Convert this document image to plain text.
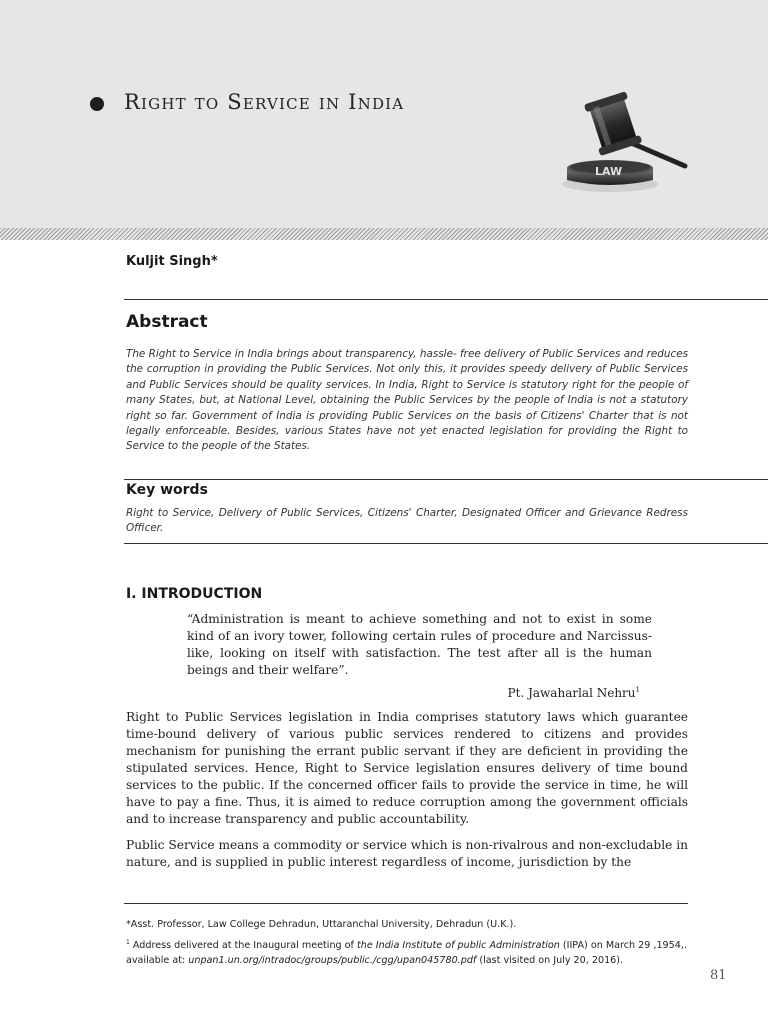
Right to Service in India
LAW
Kuljit Singh*
Abstract

The Right to Service in India brings about transparency, hassle- free delivery of Public Services and reduces the corruption in providing the Public Services. Not only this, it provides speedy delivery of Public Services and Public Services should be quality services. In India, Right to Service is statutory right for the people of many States, but, at National Level, obtaining the Public Services by the people of India is not a statutory right so far. Government of India is providing Public Services on the basis of Citizens' Charter that is not legally enforceable. Besides, various States have not yet enacted legislation for providing the Right to Service to the people of the States.

Key words

Right to Service, Delivery of Public Services, Citizens' Charter, Designated Officer and Grievance Redress Officer.

I. INTRODUCTION

“Administration is meant to achieve something and not to exist in some kind of an ivory tower, following certain rules of procedure and Narcissus-like, looking on itself with satisfaction. The test after all is the human beings and their welfare”.

Pt. Jawaharlal Nehru$^1$

Right to Public Services legislation in India comprises statutory laws which guarantee time-bound delivery of various public services rendered to citizens and provides mechanism for punishing the errant public servant if they are deficient in providing the stipulated services. Hence, Right to Service legislation ensures delivery of time bound services to the public. If the concerned officer fails to provide the service in time, he will have to pay a fine. Thus, it is aimed to reduce corruption among the government officials and to increase transparency and public accountability.

Public Service means a commodity or service which is non-rivalrous and non-excludable in nature, and is supplied in public interest regardless of income, jurisdiction by the

*Asst. Professor, Law College Dehradun, Uttaranchal University, Dehradun (U.K.).

$^1$ Address delivered at the Inaugural meeting of the India Institute of public Administration (IIPA) on March 29 ,1954,. available at: unpan1.un.org/intradoc/groups/public./cgg/upan045780.pdf (last visited on July 20, 2016).

81
